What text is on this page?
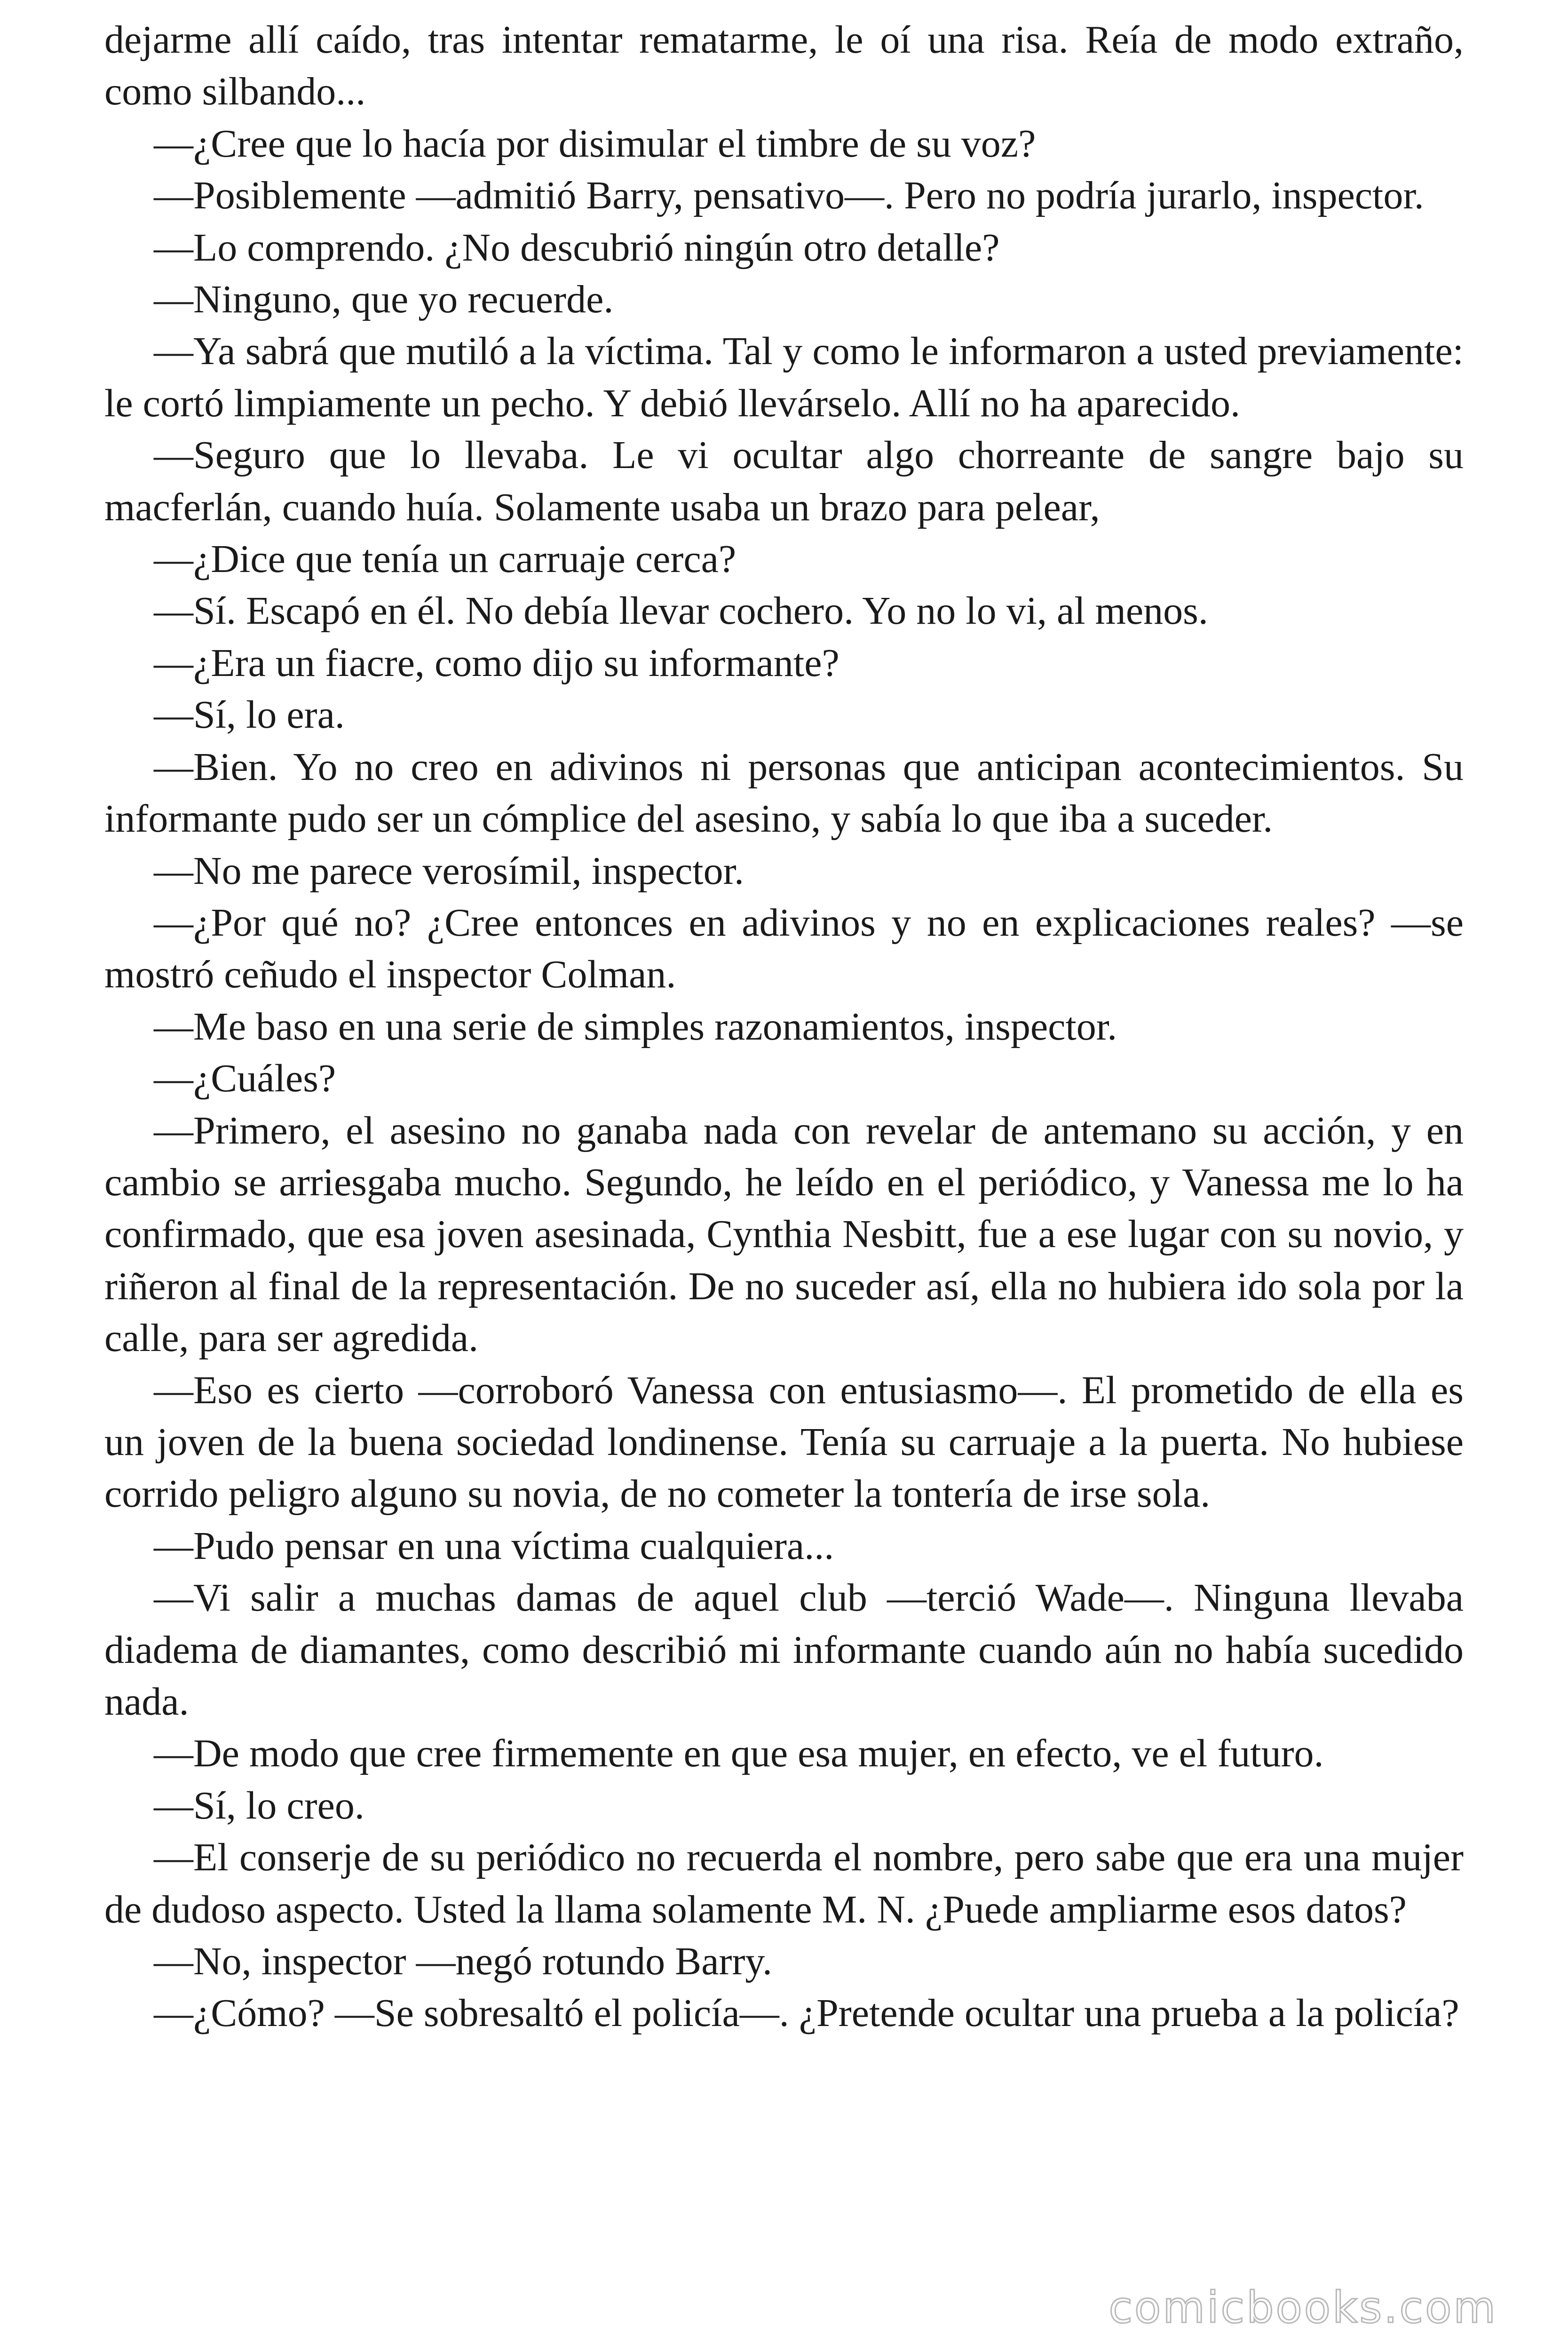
dejarme allí caído, tras intentar rematarme, le oí una risa. Reía de modo extraño, como silbando...

—¿Cree que lo hacía por disimular el timbre de su voz?

—Posiblemente —admitió Barry, pensativo—. Pero no podría jurarlo, inspector.

—Lo comprendo. ¿No descubrió ningún otro detalle?

—Ninguno, que yo recuerde.

—Ya sabrá que mutiló a la víctima. Tal y como le informaron a usted previamente: le cortó limpiamente un pecho. Y debió llevárselo. Allí no ha aparecido.

—Seguro que lo llevaba. Le vi ocultar algo chorreante de sangre bajo su macferlán, cuando huía. Solamente usaba un brazo para pelear,

—¿Dice que tenía un carruaje cerca?

—Sí. Escapó en él. No debía llevar cochero. Yo no lo vi, al menos.

—¿Era un fiacre, como dijo su informante?

—Sí, lo era.

—Bien. Yo no creo en adivinos ni personas que anticipan acontecimientos. Su informante pudo ser un cómplice del asesino, y sabía lo que iba a suceder.

—No me parece verosímil, inspector.

—¿Por qué no? ¿Cree entonces en adivinos y no en explicaciones reales? —se mostró ceñudo el inspector Colman.

—Me baso en una serie de simples razonamientos, inspector.

—¿Cuáles?

—Primero, el asesino no ganaba nada con revelar de antemano su acción, y en cambio se arriesgaba mucho. Segundo, he leído en el periódico, y Vanessa me lo ha confirmado, que esa joven asesinada, Cynthia Nesbitt, fue a ese lugar con su novio, y riñeron al final de la representación. De no suceder así, ella no hubiera ido sola por la calle, para ser agredida.

—Eso es cierto —corroboró Vanessa con entusiasmo—. El prometido de ella es un joven de la buena sociedad londinense. Tenía su carruaje a la puerta. No hubiese corrido peligro alguno su novia, de no cometer la tontería de irse sola.

—Pudo pensar en una víctima cualquiera...

—Vi salir a muchas damas de aquel club —terció Wade—. Ninguna llevaba diadema de diamantes, como describió mi informante cuando aún no había sucedido nada.

—De modo que cree firmemente en que esa mujer, en efecto, ve el futuro.

—Sí, lo creo.

—El conserje de su periódico no recuerda el nombre, pero sabe que era una mujer de dudoso aspecto. Usted la llama solamente M. N. ¿Puede ampliarme esos datos?

—No, inspector —negó rotundo Barry.

—¿Cómo? —Se sobresaltó el policía—. ¿Pretende ocultar una prueba a la policía?

comicbooks.com
